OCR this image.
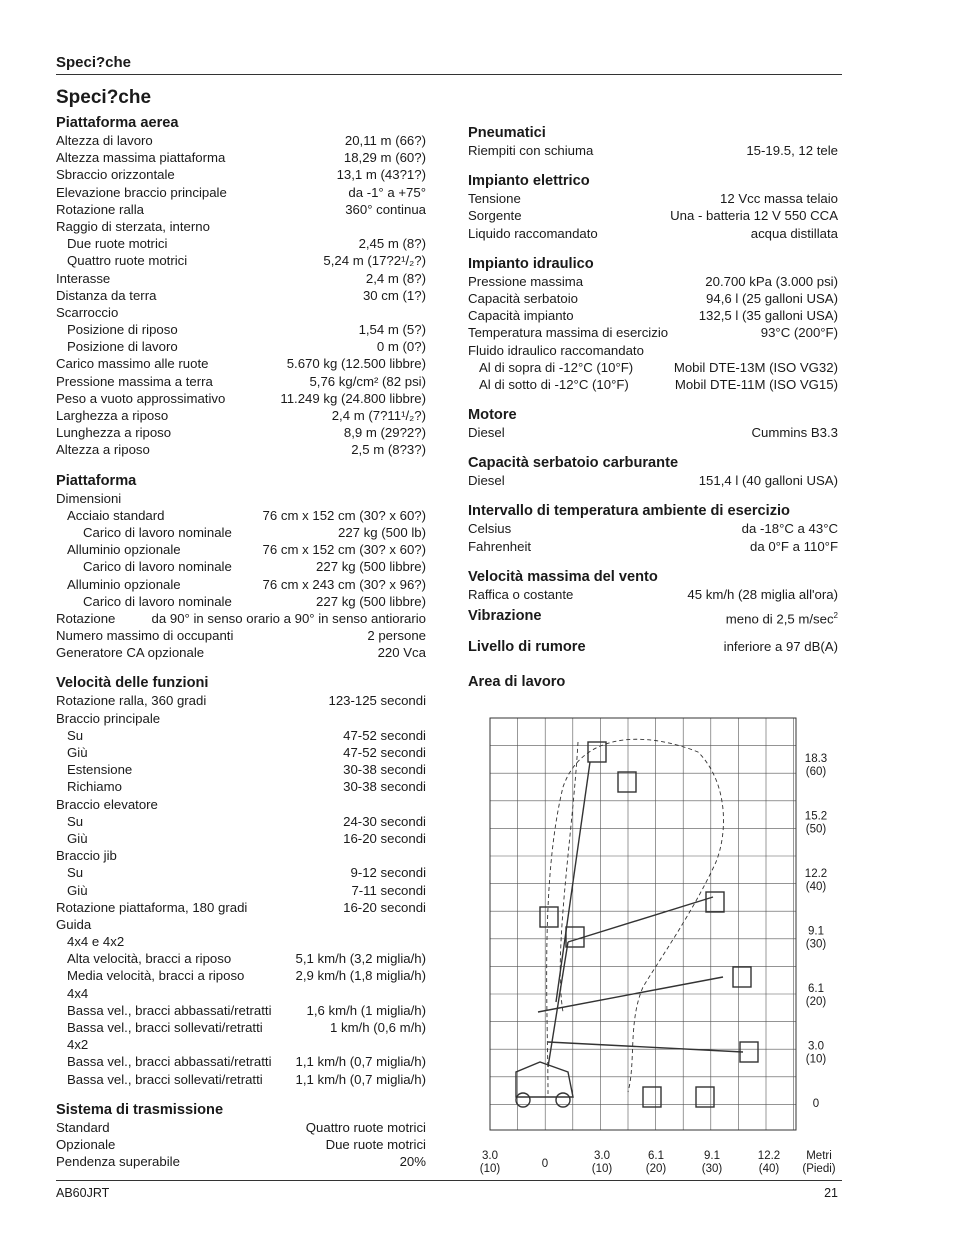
Speci?che
Speci?che
Piattaforma aerea
Altezza di lavoro	20,11 m (66?)
Altezza massima piattaforma	18,29 m (60?)
Sbraccio orizzontale	13,1 m (43?1?)
Elevazione braccio principale	da -1° a +75°
Rotazione ralla	360° continua
Raggio di sterzata, interno
Due ruote motrici	2,45 m (8?)
Quattro ruote motrici	5,24 m (17?2¹/₂?)
Interasse	2,4 m (8?)
Distanza da terra	30 cm (1?)
Scarroccio
Posizione di riposo	1,54 m (5?)
Posizione di lavoro	0 m (0?)
Carico massimo alle ruote	5.670 kg (12.500 libbre)
Pressione massima a terra	5,76 kg/cm² (82 psi)
Peso a vuoto approssimativo	11.249 kg (24.800 libbre)
Larghezza a riposo	2,4 m (7?11¹/₂?)
Lunghezza a riposo	8,9 m (29?2?)
Altezza a riposo	2,5 m (8?3?)
Piattaforma
Dimensioni
Acciaio standard	76 cm x 152 cm (30? x 60?)
Carico di lavoro nominale	227 kg (500 lb)
Alluminio opzionale	76 cm x 152 cm (30? x 60?)
Carico di lavoro nominale	227 kg (500 libbre)
Alluminio opzionale	76 cm x 243 cm (30? x 96?)
Carico di lavoro nominale	227 kg (500 libbre)
Rotazione	da 90° in senso orario a 90° in senso antiorario
Numero massimo di occupanti	2 persone
Generatore CA opzionale	220 Vca
Velocità delle funzioni
Rotazione ralla, 360 gradi	123-125 secondi
Braccio principale
Su	47-52 secondi
Giù	47-52 secondi
Estensione	30-38 secondi
Richiamo	30-38 secondi
Braccio elevatore
Su	24-30 secondi
Giù	16-20 secondi
Braccio jib
Su	9-12 secondi
Giù	7-11 secondi
Rotazione piattaforma, 180 gradi	16-20 secondi
Guida
4x4 e 4x2
Alta velocità, bracci a riposo	5,1 km/h (3,2 miglia/h)
Media velocità, bracci a riposo	2,9 km/h (1,8 miglia/h)
4x4
Bassa vel., bracci abbassati/retratti	1,6 km/h (1 miglia/h)
Bassa vel., bracci sollevati/retratti	1 km/h (0,6 m/h)
4x2
Bassa vel., bracci abbassati/retratti 1,1 km/h (0,7 miglia/h)
Bassa vel., bracci sollevati/retratti 1,1 km/h (0,7 miglia/h)
Sistema di trasmissione
Standard	Quattro ruote motrici
Opzionale	Due ruote motrici
Pendenza superabile	20%
Pneumatici
Riempiti con schiuma	15-19.5, 12 tele
Impianto elettrico
Tensione	12 Vcc massa telaio
Sorgente	Una - batteria 12 V 550 CCA
Liquido raccomandato	acqua distillata
Impianto idraulico
Pressione massima	20.700 kPa (3.000 psi)
Capacità serbatoio	94,6 l (25 galloni USA)
Capacità impianto	132,5 l (35 galloni USA)
Temperatura massima di esercizio	93°C (200°F)
Fluido idraulico raccomandato
Al di sopra di -12°C (10°F)	Mobil DTE-13M (ISO VG32)
Al di sotto di -12°C (10°F)	Mobil DTE-11M (ISO VG15)
Motore
Diesel	Cummins B3.3
Capacità serbatoio carburante
Diesel	151,4 l (40 galloni USA)
Intervallo di temperatura ambiente di esercizio
Celsius	da -18°C a 43°C
Fahrenheit	da 0°F a 110°F
Velocità massima del vento
Raffica o costante	45 km/h (28 miglia all'ora)
Vibrazione	meno di 2,5 $m/\sec^2$
Livello di rumore	inferiore a 97 dB(A)
Area di lavoro
18.3
(60)
15.2
(50)
12.2
(40)
9.1
(30)
6.1
(20)
3.0
(10)
0
3.0
(10)	0
3.0
(10)
6.1
(20)
9.1
(30)
12.2
(40)
Metri
(Piedi)
AB60JRT	21
